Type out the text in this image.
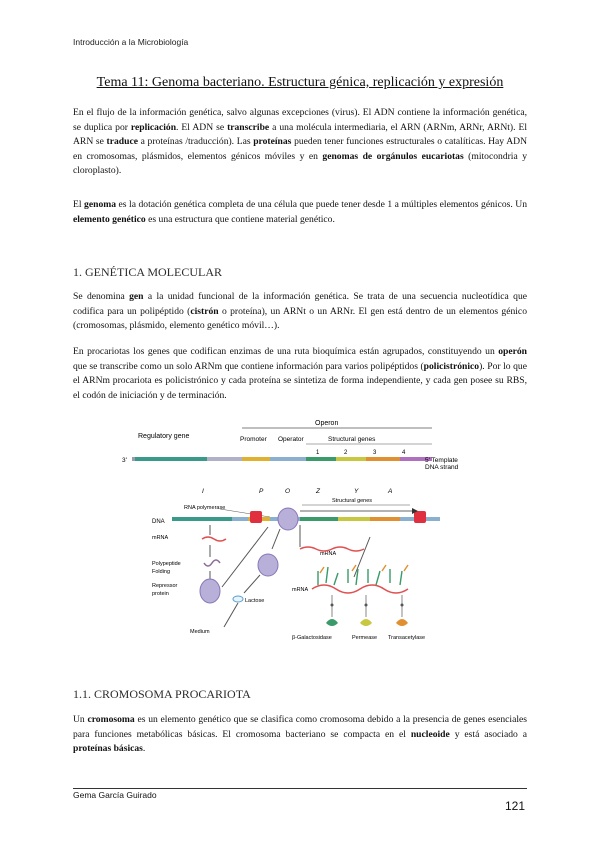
Introducción a la Microbiología
Tema 11: Genoma bacteriano. Estructura génica, replicación y expresión

En el flujo de la información genética, salvo algunas excepciones (virus). El ADN contiene la información genética, se duplica por replicación. El ADN se transcribe a una molécula intermediaria, el ARN (ARNm, ARNr, ARNt). El ARN se traduce a proteínas /traducción). Las proteínas pueden tener funciones estructurales o catalíticas. Hay ADN en cromosomas, plásmidos, elementos génicos móviles y en genomas de orgánulos eucariotas (mitocondria y cloroplasto).

El genoma es la dotación genética completa de una célula que puede tener desde 1 a múltiples elementos génicos. Un elemento genético es una estructura que contiene material genético.

1. GENÉTICA MOLECULAR

Se denomina gen a la unidad funcional de la información genética. Se trata de una secuencia nucleotídica que codifica para un polipéptido (cistrón o proteína), un ARNt o un ARNr. El gen está dentro de un elementos génico (cromosomas, plásmido, elemento genético móvil…).

En procariotas los genes que codifican enzimas de una ruta bioquímica están agrupados, constituyendo un operón que se transcribe como un solo ARNm que contiene información para varios polipéptidos (policistrónico). Por lo que el ARNm procariota es policistrónico y cada proteína se sintetiza de forma independiente, y cada gen posee su RBS, el codón de iniciación y de terminación.

Operon
Regulatory gene	Promoter Operator	Structural genes
1	2	3	4
3'	5' Template
DNA strand
I	P	O	Z	Y	A
Structural genes
RNA polymerase
DNA
mRNA
Polypeptide
Folding
Repressor
protein
Lactose
Medium
mRNA
mRNA
β-Galactosidase	Permease Transacetylase
1.1. CROMOSOMA PROCARIOTA

Un cromosoma es un elemento genético que se clasifica como cromosoma debido a la presencia de genes esenciales para funciones metabólicas básicas. El cromosoma bacteriano se compacta en el nucleoide y está asociado a proteínas básicas.

Gema García Guirado
121
